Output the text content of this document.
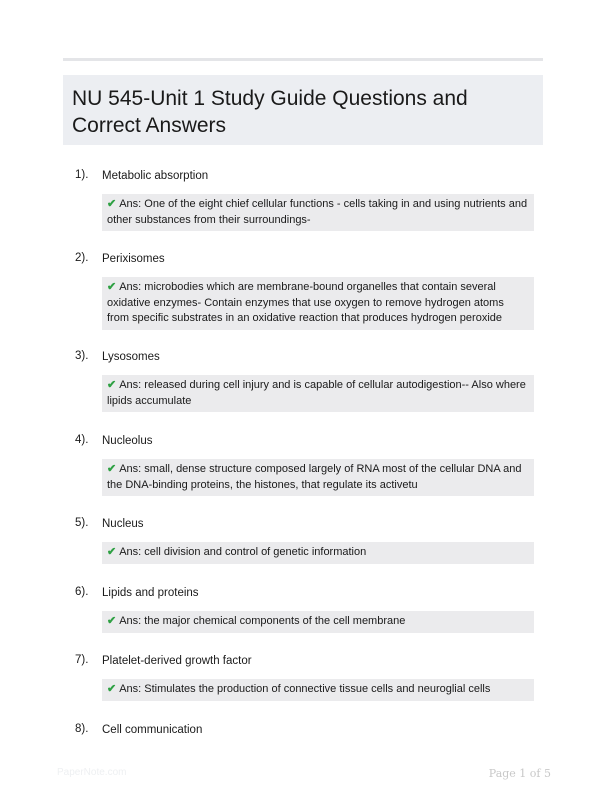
NU 545-Unit 1 Study Guide Questions and Correct Answers
1). Metabolic absorption
✔ Ans: One of the eight chief cellular functions - cells taking in and using nutrients and other substances from their surroundings-
2). Perixisomes
✔ Ans: microbodies which are membrane-bound organelles that contain several oxidative enzymes- Contain enzymes that use oxygen to remove hydrogen atoms from specific substrates in an oxidative reaction that produces hydrogen peroxide
3). Lysosomes
✔ Ans: released during cell injury and is capable of cellular autodigestion-- Also where lipids accumulate
4). Nucleolus
✔ Ans: small, dense structure composed largely of RNA most of the cellular DNA and the DNA-binding proteins, the histones, that regulate its activetu
5). Nucleus
✔ Ans: cell division and control of genetic information
6). Lipids and proteins
✔ Ans: the major chemical components of the cell membrane
7). Platelet-derived growth factor
✔ Ans: Stimulates the production of connective tissue cells and neuroglial cells
8). Cell communication
PaperNote.com	Page 1 of 5
